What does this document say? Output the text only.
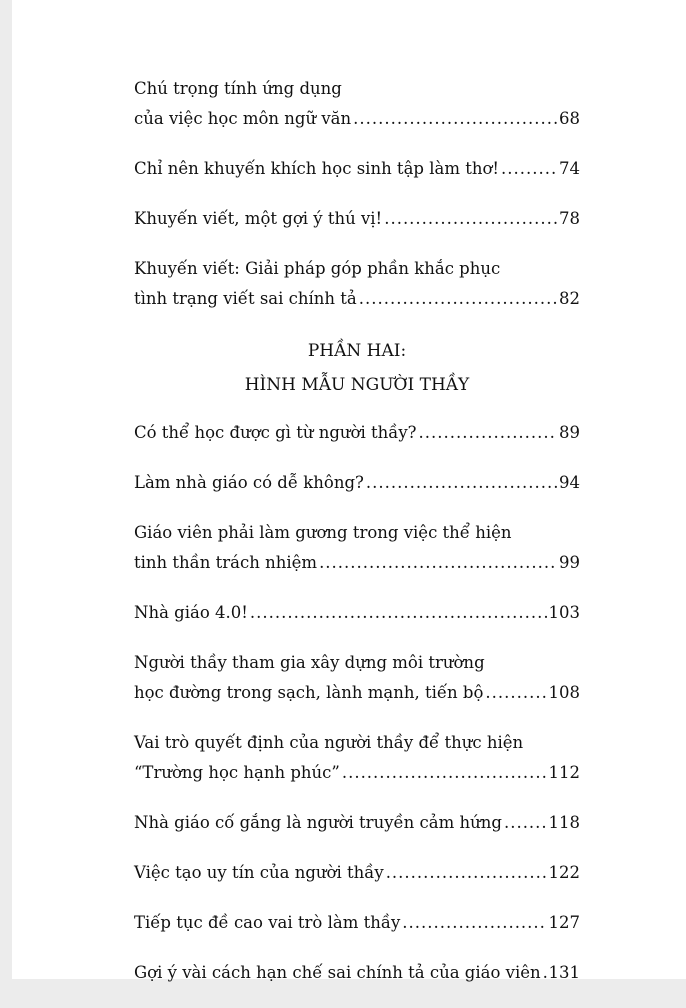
Chú trọng tính ứng dụng
của việc học môn ngữ văn .....	68
Chỉ nên khuyến khích học sinh tập làm thơ! .....	74
Khuyến viết, một gợi ý thú vị! .....	78
Khuyến viết: Giải pháp góp phần khắc phục
tình trạng viết sai chính tả .....	82
PHẦN HAI:
HÌNH MẪU NGƯỜI THẦY
Có thể học được gì từ người thầy? .....	89
Làm nhà giáo có dễ không? .....	94
Giáo viên phải làm gương trong việc thể hiện
tinh thần trách nhiệm .....	99
Nhà giáo 4.0! .....	103
Người thầy tham gia xây dựng môi trường
học đường trong sạch, lành mạnh, tiến bộ .....	108
Vai trò quyết định của người thầy để thực hiện
“Trường học hạnh phúc” .....	112
Nhà giáo cố gắng là người truyền cảm hứng .....	118
Việc tạo uy tín của người thầy .....	122
Tiếp tục đề cao vai trò làm thầy .....	127
Gợi ý vài cách hạn chế sai chính tả của giáo viên ..... 131
